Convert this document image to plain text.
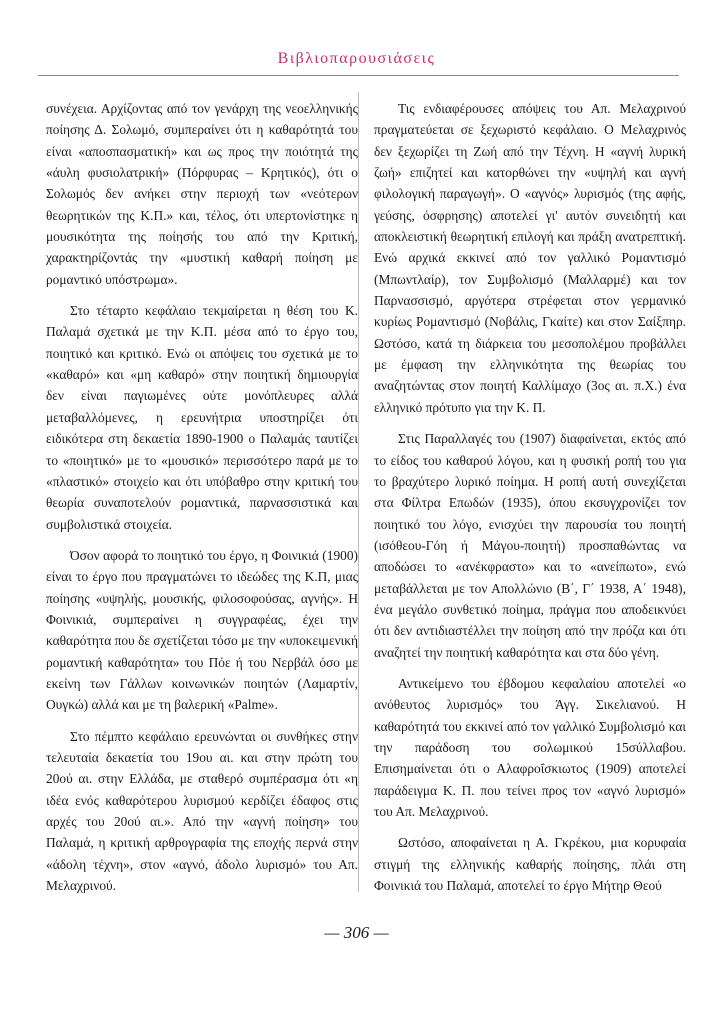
Βιβλιοπαρουσιάσεις

συνέχεια. Αρχίζοντας από τον γενάρχη της νεοελληνικής ποίησης Δ. Σολωμό, συμπεραίνει ότι η καθαρότητά του είναι «αποσπασματική» και ως προς την ποιότητά της «άυλη φυσιολατρική» (Πόρφυρας – Κρητικός), ότι ο Σολωμός δεν ανήκει στην περιοχή των «νεότερων θεωρητικών της Κ.Π.» και, τέλος, ότι υπερτονίστηκε η μουσικότητα της ποίησής του από την Κριτική, χαρακτηρίζοντάς την «μυστική καθαρή ποίηση με ρομαντικό υπόστρωμα».

Στο τέταρτο κεφάλαιο τεκμαίρεται η θέση του Κ. Παλαμά σχετικά με την Κ.Π. μέσα από το έργο του, ποιητικό και κριτικό. Ενώ οι απόψεις του σχετικά με το «καθαρό» και «μη καθαρό» στην ποιητική δημιουργία δεν είναι παγιωμένες ούτε μονόπλευρες αλλά μεταβαλλόμενες, η ερευνήτρια υποστηρίζει ότι ειδικότερα στη δεκαετία 1890-1900 ο Παλαμάς ταυτίζει το «ποιητικό» με το «μουσικό» περισσότερο παρά με το «πλαστικό» στοιχείο και ότι υπόβαθρο στην κριτική του θεωρία συναποτελούν ρομαντικά, παρνασσιστικά και συμβολιστικά στοιχεία.

Όσον αφορά το ποιητικό του έργο, η Φοινικιά (1900) είναι το έργο που πραγματώνει το ιδεώδες της Κ.Π, μιας ποίησης «υψηλής, μουσικής, φιλοσοφούσας, αγνής». Η Φοινικιά, συμπεραίνει η συγγραφέας, έχει την καθαρότητα που δε σχετίζεται τόσο με την «υποκειμενική ρομαντική καθαρότητα» του Πόε ή του Νερβάλ όσο με εκείνη των Γάλλων κοινωνικών ποιητών (Λαμαρτίν, Ουγκώ) αλλά και με τη βαλερική «Palme».

Στο πέμπτο κεφάλαιο ερευνώνται οι συνθήκες στην τελευταία δεκαετία του 19ου αι. και στην πρώτη του 20ού αι. στην Ελλάδα, με σταθερό συμπέρασμα ότι «η ιδέα ενός καθαρότερου λυρισμού κερδίζει έδαφος στις αρχές του 20ού αι.». Από την «αγνή ποίηση» του Παλαμά, η κριτική αρθρογραφία της εποχής περνά στην «άδολη τέχνη», στον «αγνό, άδολο λυρισμό» του Απ. Μελαχρινού.

Τις ενδιαφέρουσες απόψεις του Απ. Μελαχρινού πραγματεύεται σε ξεχωριστό κεφάλαιο. Ο Μελαχρινός δεν ξεχωρίζει τη Ζωή από την Τέχνη. Η «αγνή λυρική ζωή» επιζητεί και κατορθώνει την «υψηλή και αγνή φιλολογική παραγωγή». Ο «αγνός» λυρισμός (της αφής, γεύσης, όσφρησης) αποτελεί γι' αυτόν συνειδητή και αποκλειστική θεωρητική επιλογή και πράξη ανατρεπτική. Ενώ αρχικά εκκινεί από τον γαλλικό Ρομαντισμό (Μπωντλαίρ), τον Συμβολισμό (Μαλλαρμέ) και τον Παρνασσισμό, αργότερα στρέφεται στον γερμανικό κυρίως Ρομαντισμό (Νοβάλις, Γκαίτε) και στον Σαίξπηρ. Ωστόσο, κατά τη διάρκεια του μεσοπολέμου προβάλλει με έμφαση την ελληνικότητα της θεωρίας του αναζητώντας στον ποιητή Καλλίμαχο (3ος αι. π.Χ.) ένα ελληνικό πρότυπο για την Κ. Π.

Στις Παραλλαγές του (1907) διαφαίνεται, εκτός από το είδος του καθαρού λόγου, και η φυσική ροπή του για το βραχύτερο λυρικό ποίημα. Η ροπή αυτή συνεχίζεται στα Φίλτρα Επωδών (1935), όπου εκσυγχρονίζει τον ποιητικό του λόγο, ενισχύει την παρουσία του ποιητή (ισόθεου-Γόη ή Μάγου-ποιητή) προσπαθώντας να αποδώσει το «ανέκφραστο» και το «ανείπωτο», ενώ μεταβάλλεται με τον Απολλώνιο (Β΄, Γ΄ 1938, Α΄ 1948), ένα μεγάλο συνθετικό ποίημα, πράγμα που αποδεικνύει ότι δεν αντιδιαστέλλει την ποίηση από την πρόζα και ότι αναζητεί την ποιητική καθαρότητα και στα δύο γένη.

Αντικείμενο του έβδομου κεφαλαίου αποτελεί «ο ανόθευτος λυρισμός» του Άγγ. Σικελιανού. Η καθαρότητά του εκκινεί από τον γαλλικό Συμβολισμό και την παράδοση του σολωμικού 15σύλλαβου. Επισημαίνεται ότι ο Αλαφροΐσκιωτος (1909) αποτελεί παράδειγμα Κ. Π. που τείνει προς τον «αγνό λυρισμό» του Απ. Μελαχρινού.

Ωστόσο, αποφαίνεται η Α. Γκρέκου, μια κορυφαία στιγμή της ελληνικής καθαρής ποίησης, πλάι στη Φοινικιά του Παλαμά, αποτελεί το έργο Μήτηρ Θεού

— 306 —
